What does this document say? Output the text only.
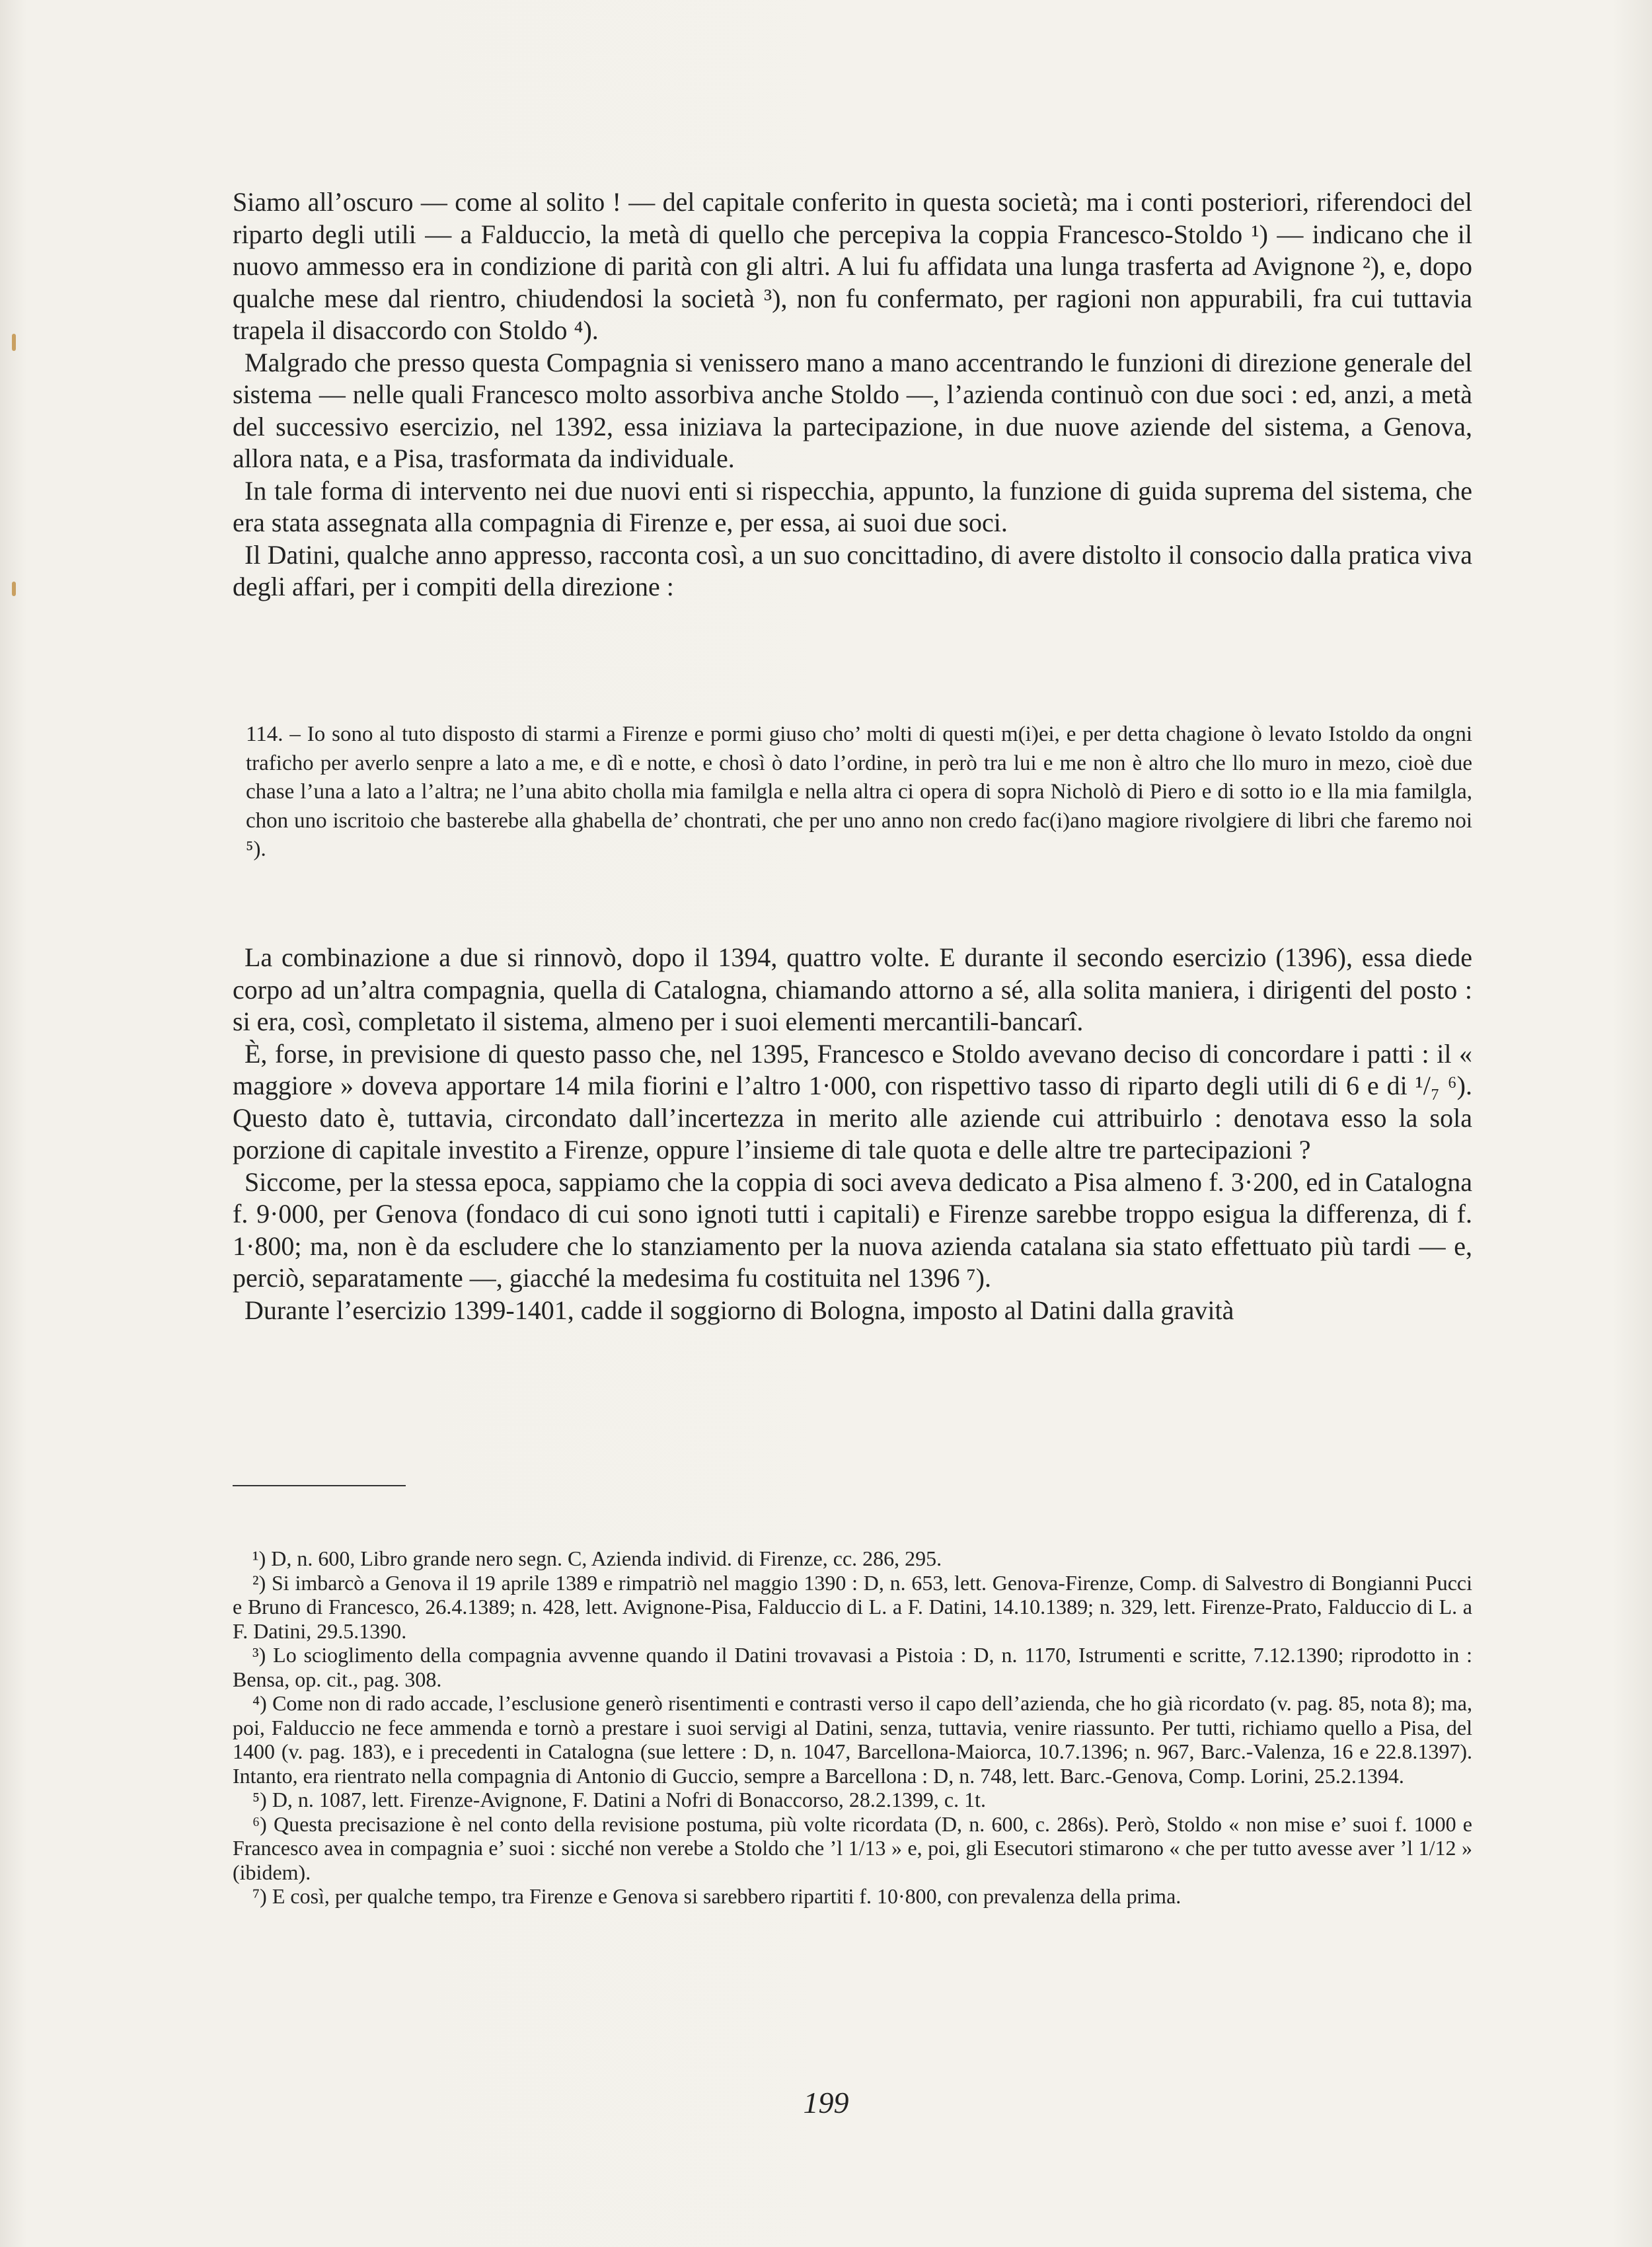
Siamo all’oscuro — come al solito ! — del capitale conferito in questa società; ma i conti posteriori, riferendoci del riparto degli utili — a Falduccio, la metà di quello che percepiva la coppia Francesco-Stoldo ¹) — indicano che il nuovo ammesso era in condizione di parità con gli altri. A lui fu affidata una lunga trasferta ad Avignone ²), e, dopo qualche mese dal rientro, chiudendosi la società ³), non fu confermato, per ragioni non appurabili, fra cui tuttavia trapela il disaccordo con Stoldo ⁴).

Malgrado che presso questa Compagnia si venissero mano a mano accentrando le funzioni di direzione generale del sistema — nelle quali Francesco molto assorbiva anche Stoldo —, l’azienda continuò con due soci : ed, anzi, a metà del successivo esercizio, nel 1392, essa iniziava la partecipazione, in due nuove aziende del sistema, a Genova, allora nata, e a Pisa, trasformata da individuale.

In tale forma di intervento nei due nuovi enti si rispecchia, appunto, la funzione di guida suprema del sistema, che era stata assegnata alla compagnia di Firenze e, per essa, ai suoi due soci.

Il Datini, qualche anno appresso, racconta così, a un suo concittadino, di avere distolto il consocio dalla pratica viva degli affari, per i compiti della direzione :

114. – Io sono al tuto disposto di starmi a Firenze e pormi giuso cho’ molti di questi m(i)ei, e per detta chagione ò levato Istoldo da ongni traficho per averlo senpre a lato a me, e dì e notte, e chosì ò dato l’ordine, in però tra lui e me non è altro che llo muro in mezo, cioè due chase l’una a lato a l’altra; ne l’una abito cholla mia familgla e nella altra ci opera di sopra Nicholò di Piero e di sotto io e lla mia familgla, chon uno iscritoio che basterebe alla ghabella de’ chontrati, che per uno anno non credo fac(i)ano magiore rivolgiere di libri che faremo noi ⁵).

La combinazione a due si rinnovò, dopo il 1394, quattro volte. E durante il secondo esercizio (1396), essa diede corpo ad un’altra compagnia, quella di Catalogna, chiamando attorno a sé, alla solita maniera, i dirigenti del posto : si era, così, completato il sistema, almeno per i suoi elementi mercantili-bancarî.

È, forse, in previsione di questo passo che, nel 1395, Francesco e Stoldo avevano deciso di concordare i patti : il « maggiore » doveva apportare 14 mila fiorini e l’altro 1·000, con rispettivo tasso di riparto degli utili di 6 e di ¹/₇ ⁶). Questo dato è, tuttavia, circondato dall’incertezza in merito alle aziende cui attribuirlo : denotava esso la sola porzione di capitale investito a Firenze, oppure l’insieme di tale quota e delle altre tre partecipazioni ?

Siccome, per la stessa epoca, sappiamo che la coppia di soci aveva dedicato a Pisa almeno f. 3·200, ed in Catalogna f. 9·000, per Genova (fondaco di cui sono ignoti tutti i capitali) e Firenze sarebbe troppo esigua la differenza, di f. 1·800; ma, non è da escludere che lo stanziamento per la nuova azienda catalana sia stato effettuato più tardi — e, perciò, separatamente —, giacché la medesima fu costituita nel 1396 ⁷).

Durante l’esercizio 1399-1401, cadde il soggiorno di Bologna, imposto al Datini dalla gravità

¹) D, n. 600, Libro grande nero segn. C, Azienda individ. di Firenze, cc. 286, 295.

²) Si imbarcò a Genova il 19 aprile 1389 e rimpatriò nel maggio 1390 : D, n. 653, lett. Genova-Firenze, Comp. di Salvestro di Bongianni Pucci e Bruno di Francesco, 26.4.1389; n. 428, lett. Avignone-Pisa, Falduccio di L. a F. Datini, 14.10.1389; n. 329, lett. Firenze-Prato, Falduccio di L. a F. Datini, 29.5.1390.

³) Lo scioglimento della compagnia avvenne quando il Datini trovavasi a Pistoia : D, n. 1170, Istrumenti e scritte, 7.12.1390; riprodotto in : Bensa, op. cit., pag. 308.

⁴) Come non di rado accade, l’esclusione generò risentimenti e contrasti verso il capo dell’azienda, che ho già ricordato (v. pag. 85, nota 8); ma, poi, Falduccio ne fece ammenda e tornò a prestare i suoi servigi al Datini, senza, tuttavia, venire riassunto. Per tutti, richiamo quello a Pisa, del 1400 (v. pag. 183), e i precedenti in Catalogna (sue lettere : D, n. 1047, Barcellona-Maiorca, 10.7.1396; n. 967, Barc.-Valenza, 16 e 22.8.1397). Intanto, era rientrato nella compagnia di Antonio di Guccio, sempre a Barcellona : D, n. 748, lett. Barc.-Genova, Comp. Lorini, 25.2.1394.

⁵) D, n. 1087, lett. Firenze-Avignone, F. Datini a Nofri di Bonaccorso, 28.2.1399, c. 1t.

⁶) Questa precisazione è nel conto della revisione postuma, più volte ricordata (D, n. 600, c. 286s). Però, Stoldo « non mise e’ suoi f. 1000 e Francesco avea in compagnia e’ suoi : sicché non verebe a Stoldo che ’l 1/13 » e, poi, gli Esecutori stimarono « che per tutto avesse aver ’l 1/12 » (ibidem).

⁷) E così, per qualche tempo, tra Firenze e Genova si sarebbero ripartiti f. 10·800, con prevalenza della prima.

199
